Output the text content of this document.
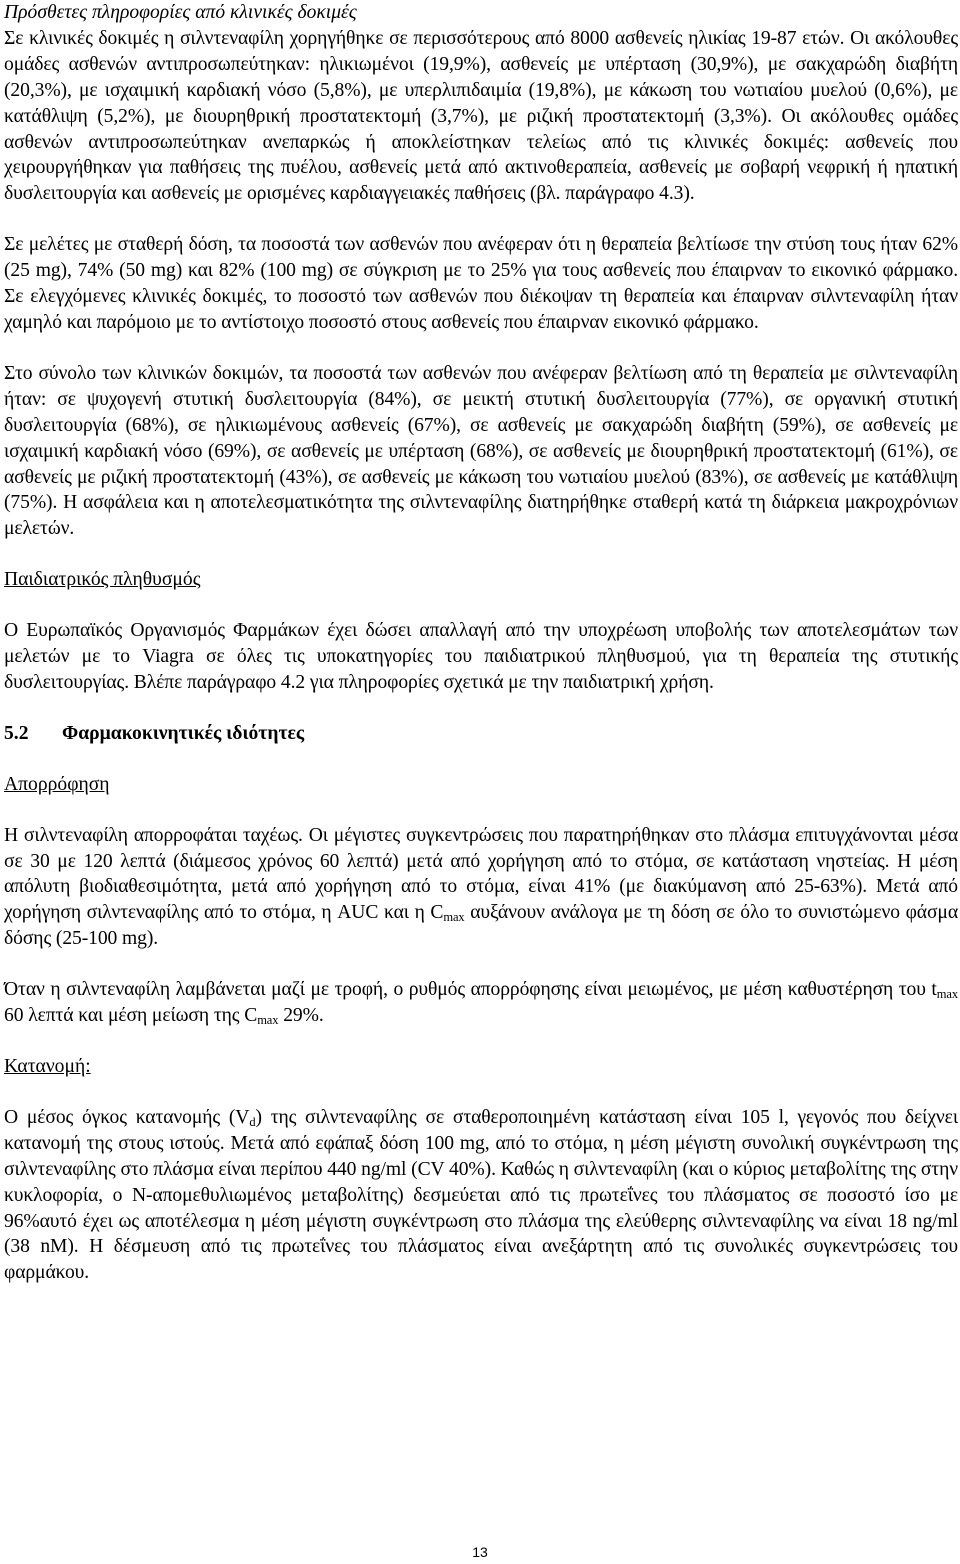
Πρόσθετες πληροφορίες από κλινικές δοκιμές

Σε κλινικές δοκιμές η σιλντεναφίλη χορηγήθηκε σε περισσότερους από 8000 ασθενείς ηλικίας 19-87 ετών. Οι ακόλουθες ομάδες ασθενών αντιπροσωπεύτηκαν: ηλικιωμένοι (19,9%), ασθενείς με υπέρταση (30,9%), με σακχαρώδη διαβήτη (20,3%), με ισχαιμική καρδιακή νόσο (5,8%), με υπερλιπιδαιμία (19,8%), με κάκωση του νωτιαίου μυελού (0,6%), με κατάθλιψη (5,2%), με διουρηθρική προστατεκτομή (3,7%), με ριζική προστατεκτομή (3,3%). Οι ακόλουθες ομάδες ασθενών αντιπροσωπεύτηκαν ανεπαρκώς ή αποκλείστηκαν τελείως από τις κλινικές δοκιμές: ασθενείς που χειρουργήθηκαν για παθήσεις της πυέλου, ασθενείς μετά από ακτινοθεραπεία, ασθενείς με σοβαρή νεφρική ή ηπατική δυσλειτουργία και ασθενείς με ορισμένες καρδιαγγειακές παθήσεις (βλ. παράγραφο 4.3).

Σε μελέτες με σταθερή δόση, τα ποσοστά των ασθενών που ανέφεραν ότι η θεραπεία βελτίωσε την στύση τους ήταν 62% (25 mg), 74% (50 mg) και 82% (100 mg) σε σύγκριση με το 25% για τους ασθενείς που έπαιρναν το εικονικό φάρμακο. Σε ελεγχόμενες κλινικές δοκιμές, το ποσοστό των ασθενών που διέκοψαν τη θεραπεία και έπαιρναν σιλντεναφίλη ήταν χαμηλό και παρόμοιο με το αντίστοιχο ποσοστό στους ασθενείς που έπαιρναν εικονικό φάρμακο.

Στο σύνολο των κλινικών δοκιμών, τα ποσοστά των ασθενών που ανέφεραν βελτίωση από τη θεραπεία με σιλντεναφίλη ήταν: σε ψυχογενή στυτική δυσλειτουργία (84%), σε μεικτή στυτική δυσλειτουργία (77%), σε οργανική στυτική δυσλειτουργία (68%), σε ηλικιωμένους ασθενείς (67%), σε ασθενείς με σακχαρώδη διαβήτη (59%), σε ασθενείς με ισχαιμική καρδιακή νόσο (69%), σε ασθενείς με υπέρταση (68%), σε ασθενείς με διουρηθρική προστατεκτομή (61%), σε ασθενείς με ριζική προστατεκτομή (43%), σε ασθενείς με κάκωση του νωτιαίου μυελού (83%), σε ασθενείς με κατάθλιψη (75%). Η ασφάλεια και η αποτελεσματικότητα της σιλντεναφίλης διατηρήθηκε σταθερή κατά τη διάρκεια μακροχρόνιων μελετών.

Παιδιατρικός πληθυσμός

Ο Ευρωπαϊκός Οργανισμός Φαρμάκων έχει δώσει απαλλαγή από την υποχρέωση υποβολής των αποτελεσμάτων των μελετών με το Viagra σε όλες τις υποκατηγορίες του παιδιατρικού πληθυσμού, για τη θεραπεία της στυτικής δυσλειτουργίας. Βλέπε παράγραφο 4.2 για πληροφορίες σχετικά με την παιδιατρική χρήση.

5.2 Φαρμακοκινητικές ιδιότητες

Απορρόφηση

Η σιλντεναφίλη απορροφάται ταχέως. Οι μέγιστες συγκεντρώσεις που παρατηρήθηκαν στο πλάσμα επιτυγχάνονται μέσα σε 30 με 120 λεπτά (διάμεσος χρόνος 60 λεπτά) μετά από χορήγηση από το στόμα, σε κατάσταση νηστείας. Η μέση απόλυτη βιοδιαθεσιμότητα, μετά από χορήγηση από το στόμα, είναι 41% (με διακύμανση από 25-63%). Μετά από χορήγηση σιλντεναφίλης από το στόμα, η AUC και η $C_{max}$ αυξάνουν ανάλογα με τη δόση σε όλο το συνιστώμενο φάσμα δόσης (25-100 mg).

Όταν η σιλντεναφίλη λαμβάνεται μαζί με τροφή, ο ρυθμός απορρόφησης είναι μειωμένος, με μέση καθυστέρηση του $t_{max}$ 60 λεπτά και μέση μείωση της $C_{max}$ 29%.

Κατανομή:

Ο μέσος όγκος κατανομής $(V_d)$ της σιλντεναφίλης σε σταθεροποιημένη κατάσταση είναι 105 l, γεγονός που δείχνει κατανομή της στους ιστούς. Μετά από εφάπαξ δόση 100 mg, από το στόμα, η μέση μέγιστη συνολική συγκέντρωση της σιλντεναφίλης στο πλάσμα είναι περίπου 440 ng/ml (CV 40%). Καθώς η σιλντεναφίλη (και ο κύριος μεταβολίτης της στην κυκλοφορία, ο N-απομεθυλιωμένος μεταβολίτης) δεσμεύεται από τις πρωτεΐνες του πλάσματος σε ποσοστό ίσο με 96%αυτό έχει ως αποτέλεσμα η μέση μέγιστη συγκέντρωση στο πλάσμα της ελεύθερης σιλντεναφίλης να είναι 18 ng/ml (38 nM). Η δέσμευση από τις πρωτεΐνες του πλάσματος είναι ανεξάρτητη από τις συνολικές συγκεντρώσεις του φαρμάκου.

13
